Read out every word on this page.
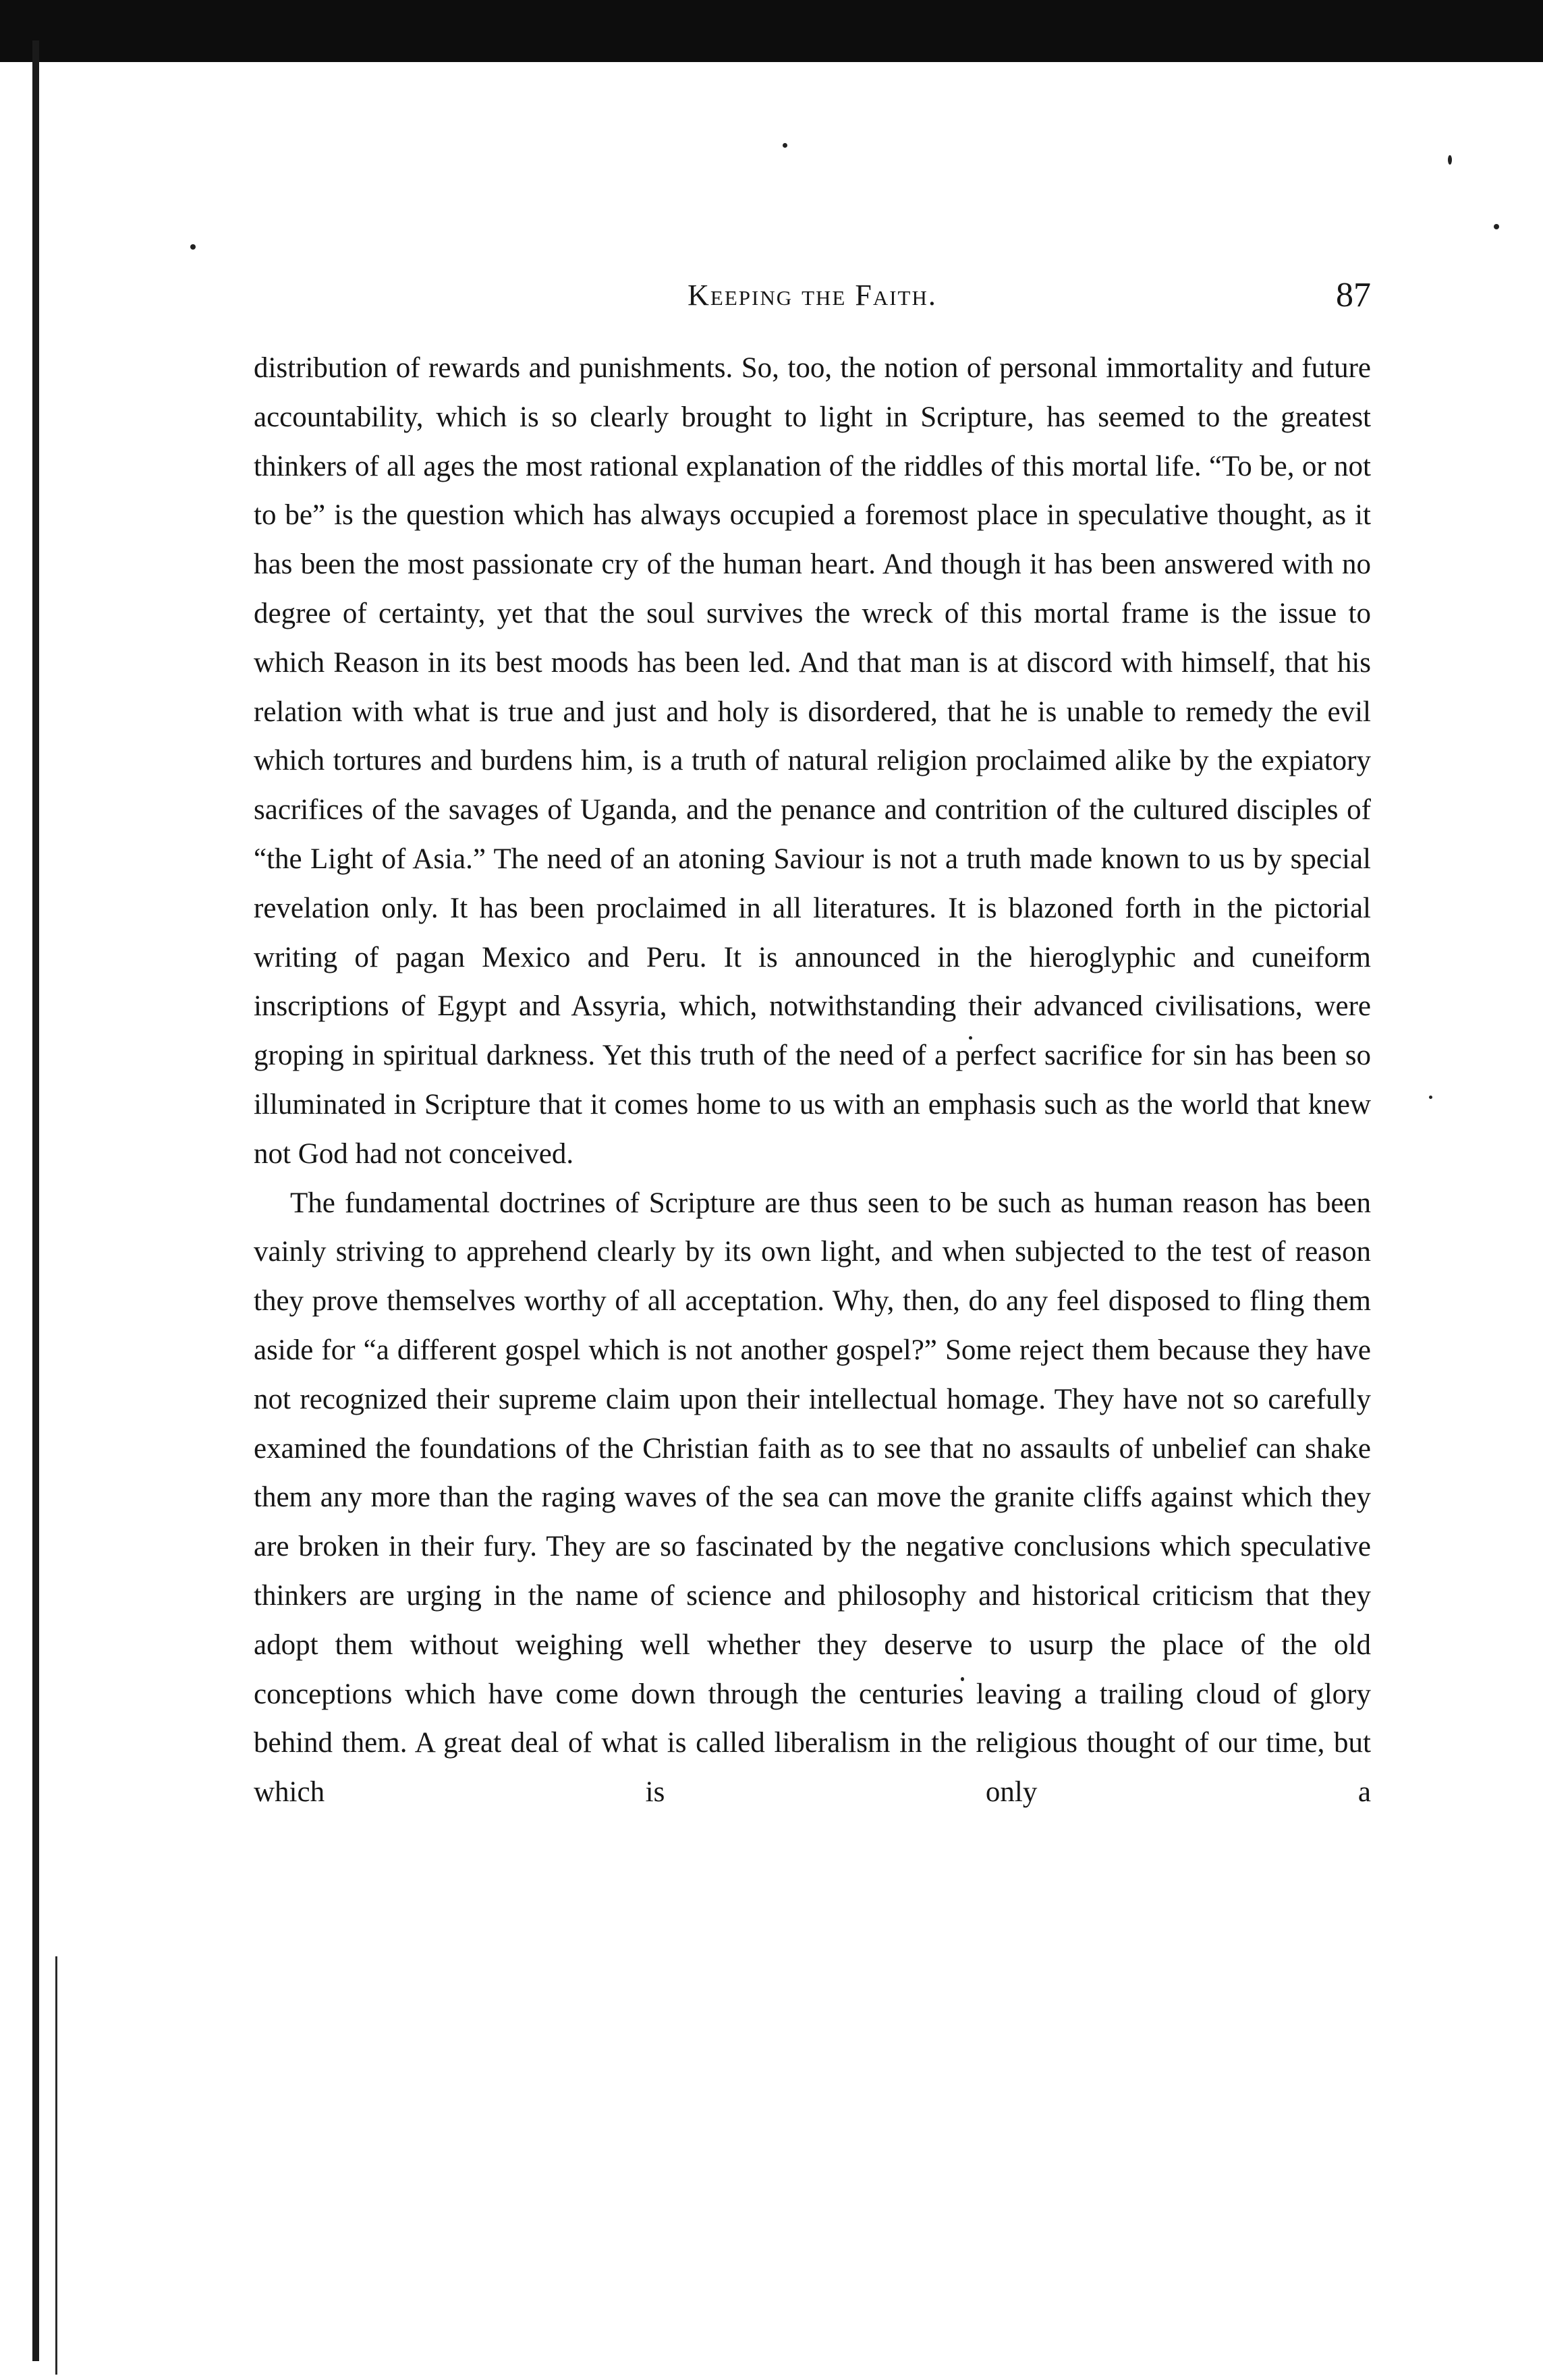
Keeping the Faith.	87

distribution of rewards and punishments. So, too, the notion of personal immortality and future accountability, which is so clearly brought to light in Scripture, has seemed to the greatest thinkers of all ages the most rational explanation of the riddles of this mortal life. “To be, or not to be” is the question which has always occupied a foremost place in speculative thought, as it has been the most passionate cry of the human heart. And though it has been answered with no degree of certainty, yet that the soul survives the wreck of this mortal frame is the issue to which Reason in its best moods has been led. And that man is at discord with himself, that his relation with what is true and just and holy is disordered, that he is unable to remedy the evil which tortures and burdens him, is a truth of natural religion proclaimed alike by the expiatory sacrifices of the savages of Uganda, and the penance and contrition of the cultured disciples of “the Light of Asia.” The need of an atoning Saviour is not a truth made known to us by special revelation only. It has been proclaimed in all literatures. It is blazoned forth in the pictorial writing of pagan Mexico and Peru. It is announced in the hieroglyphic and cuneiform inscriptions of Egypt and Assyria, which, notwithstanding their advanced civilisations, were groping in spiritual darkness. Yet this truth of the need of a perfect sacrifice for sin has been so illuminated in Scripture that it comes home to us with an emphasis such as the world that knew not God had not conceived.

The fundamental doctrines of Scripture are thus seen to be such as human reason has been vainly striving to apprehend clearly by its own light, and when subjected to the test of reason they prove themselves worthy of all acceptation. Why, then, do any feel disposed to fling them aside for “a different gospel which is not another gospel?” Some reject them because they have not recognized their supreme claim upon their intellectual homage. They have not so carefully examined the foundations of the Christian faith as to see that no assaults of unbelief can shake them any more than the raging waves of the sea can move the granite cliffs against which they are broken in their fury. They are so fascinated by the negative conclusions which speculative thinkers are urging in the name of science and philosophy and historical criticism that they adopt them without weighing well whether they deserve to usurp the place of the old conceptions which have come down through the centuries leaving a trailing cloud of glory behind them. A great deal of what is called liberalism in the religious thought of our time, but which is only a
